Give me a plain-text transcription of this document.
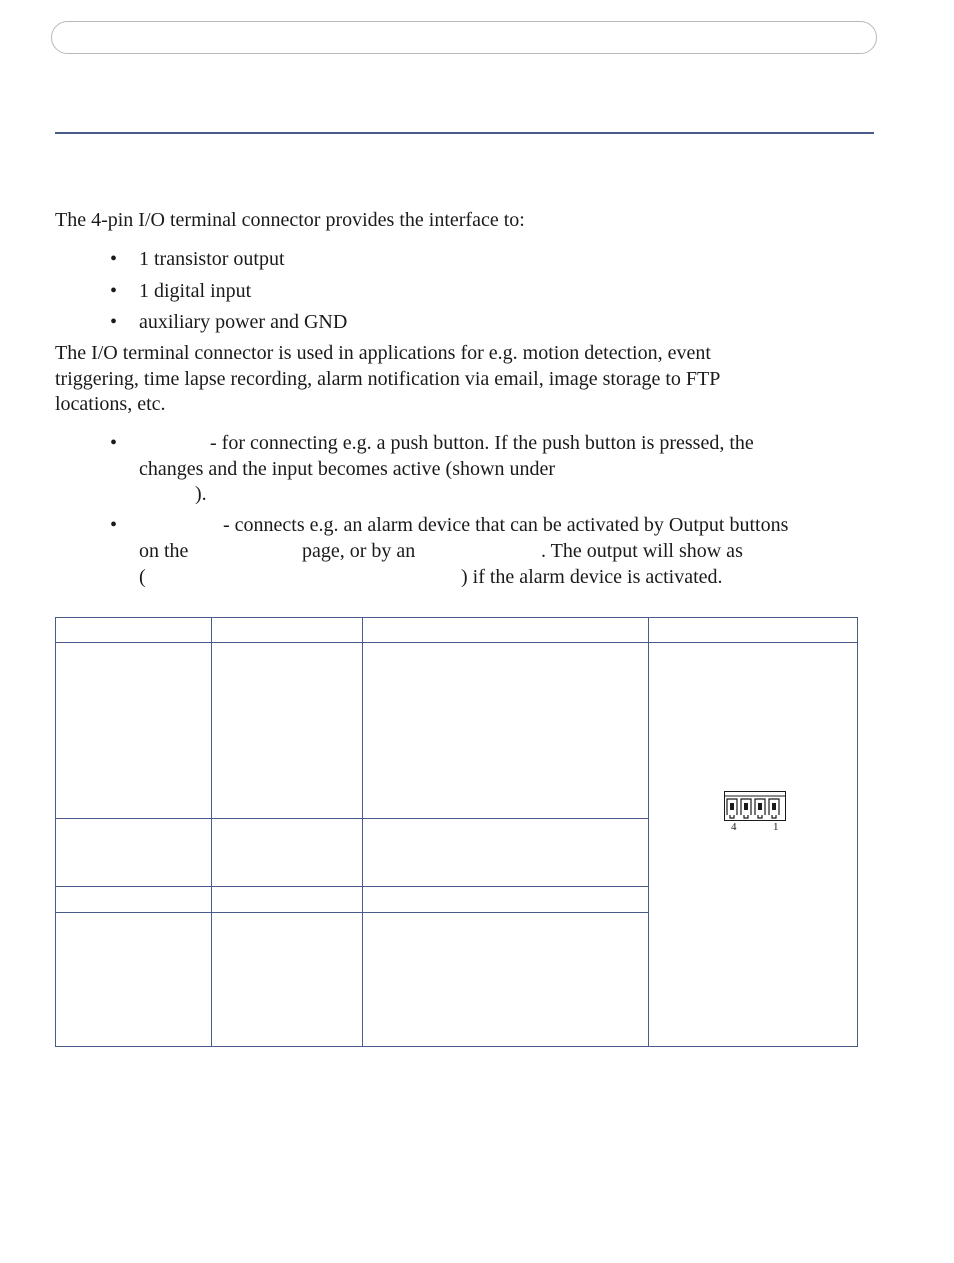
The 4-pin I/O terminal connector provides the interface to:
• 1 transistor output
• 1 digital input
• auxiliary power and GND
The I/O terminal connector is used in applications for e.g. motion detection, event
triggering, time lapse recording, alarm notification via email, image storage to FTP
locations, etc.
•	- for connecting e.g. a push button. If the push button is pressed, the
changes and the input becomes active (shown under
).
•	- connects e.g. an alarm device that can be activated by Output buttons
on the	page, or by an	. The output will show as
(	) if the alarm device is activated.

4	1
